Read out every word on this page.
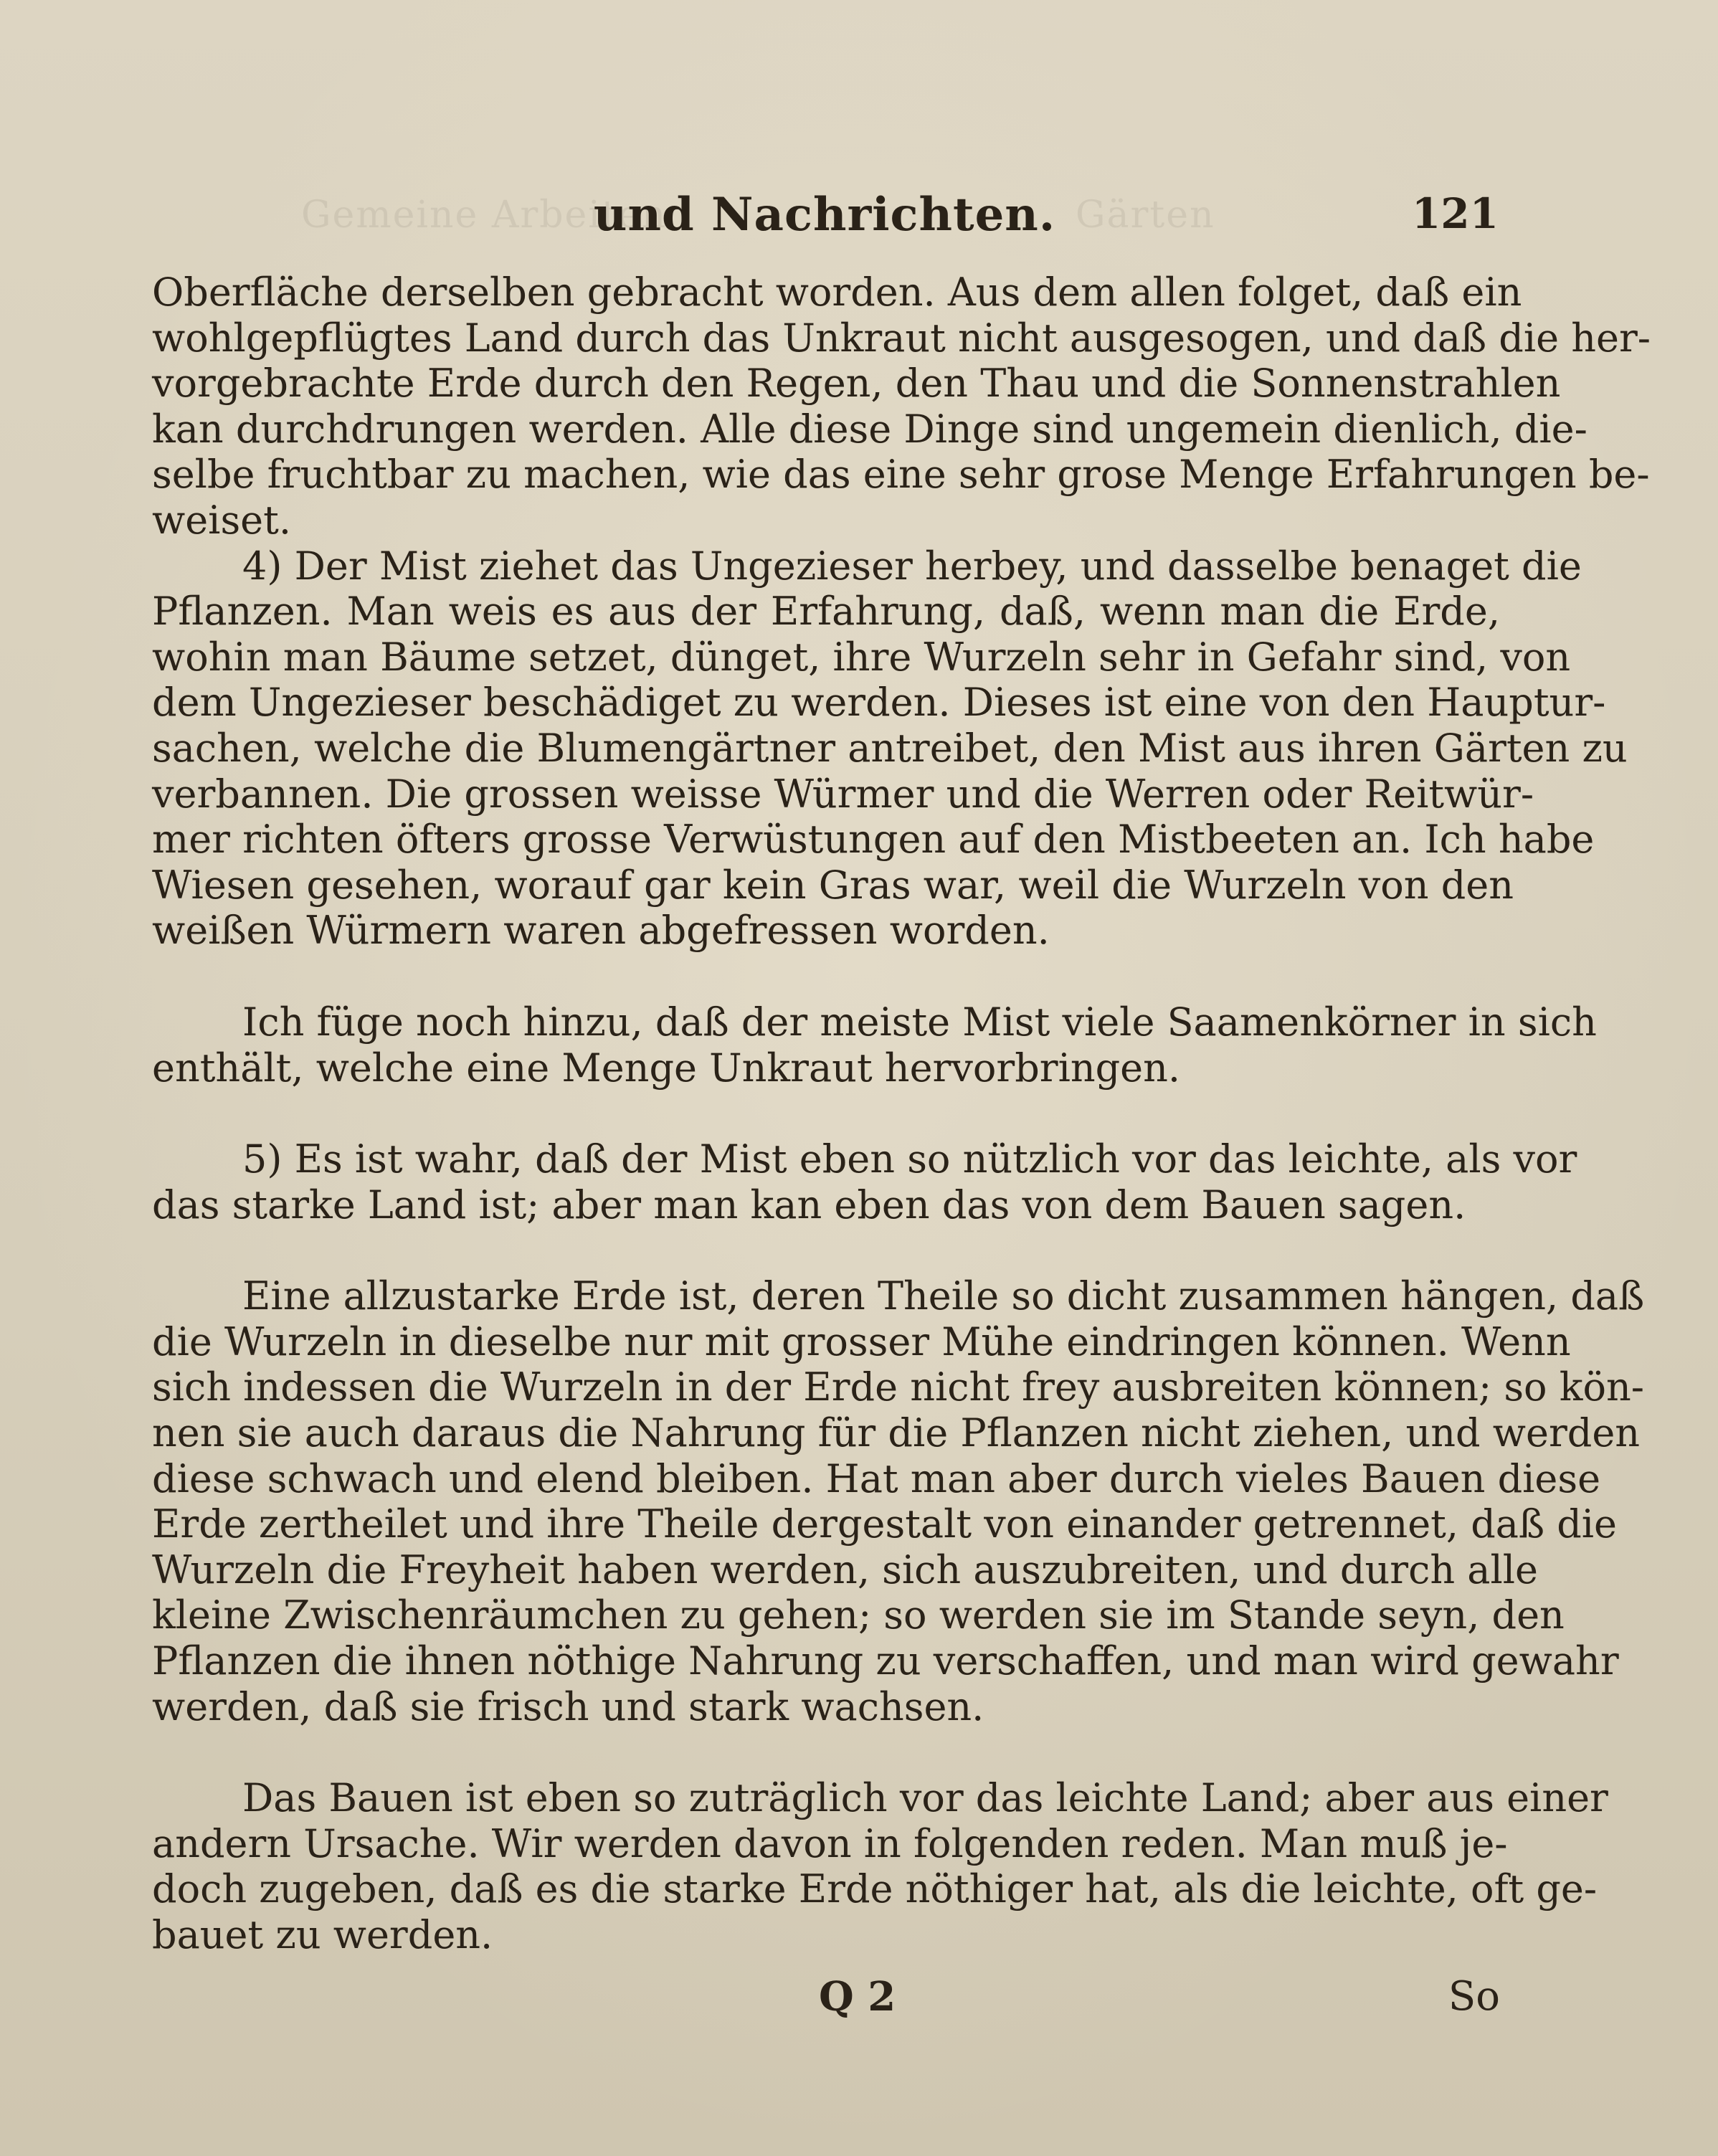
Gemeine Arbeiten	Gärten
und Nachrichten.	121
Oberfläche derselben gebracht worden. Aus dem allen folget, daß ein
wohlgepflügtes Land durch das Unkraut nicht ausgesogen, und daß die her-
vorgebrachte Erde durch den Regen, den Thau und die Sonnenstrahlen
kan durchdrungen werden. Alle diese Dinge sind ungemein dienlich, die-
selbe fruchtbar zu machen, wie das eine sehr grose Menge Erfahrungen be-
weiset.
4) Der Mist ziehet das Ungezieser herbey, und dasselbe benaget die
Pflanzen. Man weis es aus der Erfahrung, daß, wenn man die Erde,
wohin man Bäume setzet, dünget, ihre Wurzeln sehr in Gefahr sind, von
dem Ungezieser beschädiget zu werden. Dieses ist eine von den Hauptur-
sachen, welche die Blumengärtner antreibet, den Mist aus ihren Gärten zu
verbannen. Die grossen weisse Würmer und die Werren oder Reitwür-
mer richten öfters grosse Verwüstungen auf den Mistbeeten an. Ich habe
Wiesen gesehen, worauf gar kein Gras war, weil die Wurzeln von den
weißen Würmern waren abgefressen worden.
Ich füge noch hinzu, daß der meiste Mist viele Saamenkörner in sich
enthält, welche eine Menge Unkraut hervorbringen.
5) Es ist wahr, daß der Mist eben so nützlich vor das leichte, als vor
das starke Land ist; aber man kan eben das von dem Bauen sagen.
Eine allzustarke Erde ist, deren Theile so dicht zusammen hängen, daß
die Wurzeln in dieselbe nur mit grosser Mühe eindringen können. Wenn
sich indessen die Wurzeln in der Erde nicht frey ausbreiten können; so kön-
nen sie auch daraus die Nahrung für die Pflanzen nicht ziehen, und werden
diese schwach und elend bleiben. Hat man aber durch vieles Bauen diese
Erde zertheilet und ihre Theile dergestalt von einander getrennet, daß die
Wurzeln die Freyheit haben werden, sich auszubreiten, und durch alle
kleine Zwischenräumchen zu gehen; so werden sie im Stande seyn, den
Pflanzen die ihnen nöthige Nahrung zu verschaffen, und man wird gewahr
werden, daß sie frisch und stark wachsen.
Das Bauen ist eben so zuträglich vor das leichte Land; aber aus einer
andern Ursache. Wir werden davon in folgenden reden. Man muß je-
doch zugeben, daß es die starke Erde nöthiger hat, als die leichte, oft ge-
bauet zu werden.
Q 2	So
